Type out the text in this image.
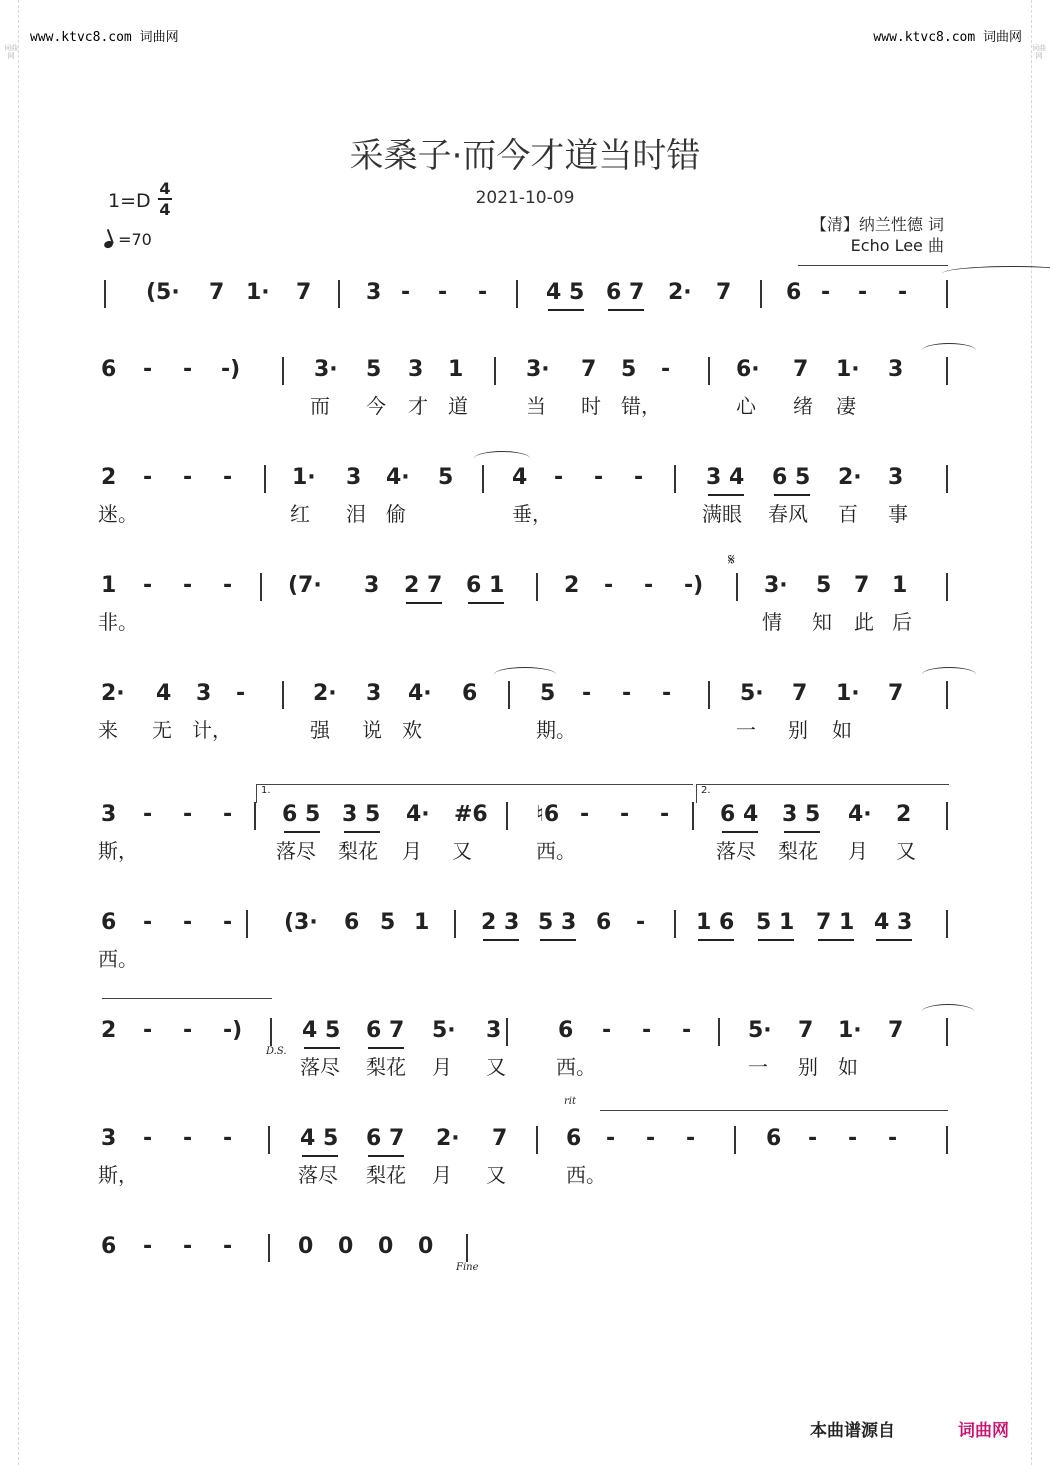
词曲网
词曲网
www.ktvc8.com 词曲网	www.ktvc8.com 词曲网
采桑子·而今才道当时错
2021-10-09
1=D
4
4
=70
【清】纳兰性德 词
Echo Lee 曲
(5· 7 1· 7 3 - - -	4 5 6 7 2· 7 6 - - -
6 - - -)	3· 5 3 1	3· 7 5 -	6· 7 1· 3
而 今 才 道	当 时 错，	心 绪 凄
2 - - -	1· 3 4· 5	4 - - -	3 4 6 5 2· 3
迷。	红 泪 偷	垂，	满眼 春风 百 事
1 - - -	(7· 3 2 7 6 1	2 - - -)	3· 5 7 1
非。	情 知 此 后
2· 4 3 -	2· 3 4· 6	5 - - -	5· 7 1· 7
来 无 计，	强 说 欢	期。	一 别 如
3 - - - 6 5 3 5 4· #6 ♮6 - - - 6 4 3 5 4· 2
斯，	落尽 梨花 月 又	西。	落尽 梨花 月 又
6 - - - (3· 6 5 1 2 3 5 3 6 - 1 6 5 1 7 1 4 3
西。
2 - - -)	4 5 6 7 5· 3	6 - - -	5· 7 1· 7
落尽 梨花 月 又	西。	一 别 如
3 - - -	4 5 6 7 2· 7	6 - - -	6 - - -
斯，	落尽 梨花 月 又	西。
6 - - -	0 0 0 0
本曲谱源自	词曲网
1.	2.
𝄋
D.S.
Fine
rit
